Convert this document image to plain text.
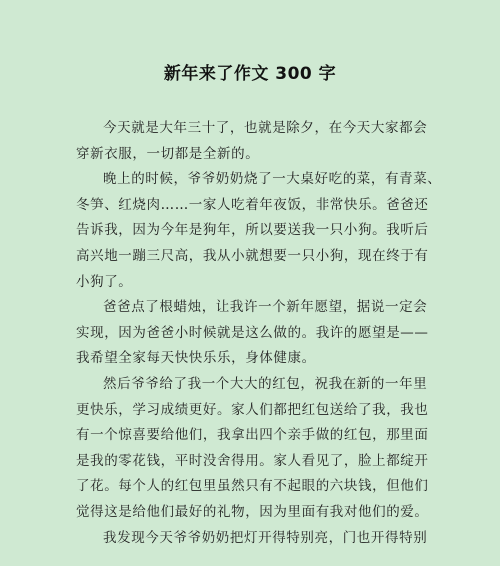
新年来了作文 300 字
今天就是大年三十了，也就是除夕，在今天大家都会
穿新衣服，一切都是全新的。
晚上的时候，爷爷奶奶烧了一大桌好吃的菜，有青菜、
冬笋、红烧肉……一家人吃着年夜饭，非常快乐。爸爸还
告诉我，因为今年是狗年，所以要送我一只小狗。我听后
高兴地一蹦三尺高，我从小就想要一只小狗，现在终于有
小狗了。
爸爸点了根蜡烛，让我许一个新年愿望，据说一定会
实现，因为爸爸小时候就是这么做的。我许的愿望是——
我希望全家每天快快乐乐，身体健康。
然后爷爷给了我一个大大的红包，祝我在新的一年里
更快乐，学习成绩更好。家人们都把红包送给了我，我也
有一个惊喜要给他们，我拿出四个亲手做的红包，那里面
是我的零花钱，平时没舍得用。家人看见了，脸上都绽开
了花。每个人的红包里虽然只有不起眼的六块钱，但他们
觉得这是给他们最好的礼物，因为里面有我对他们的爱。
我发现今天爷爷奶奶把灯开得特别亮，门也开得特别
